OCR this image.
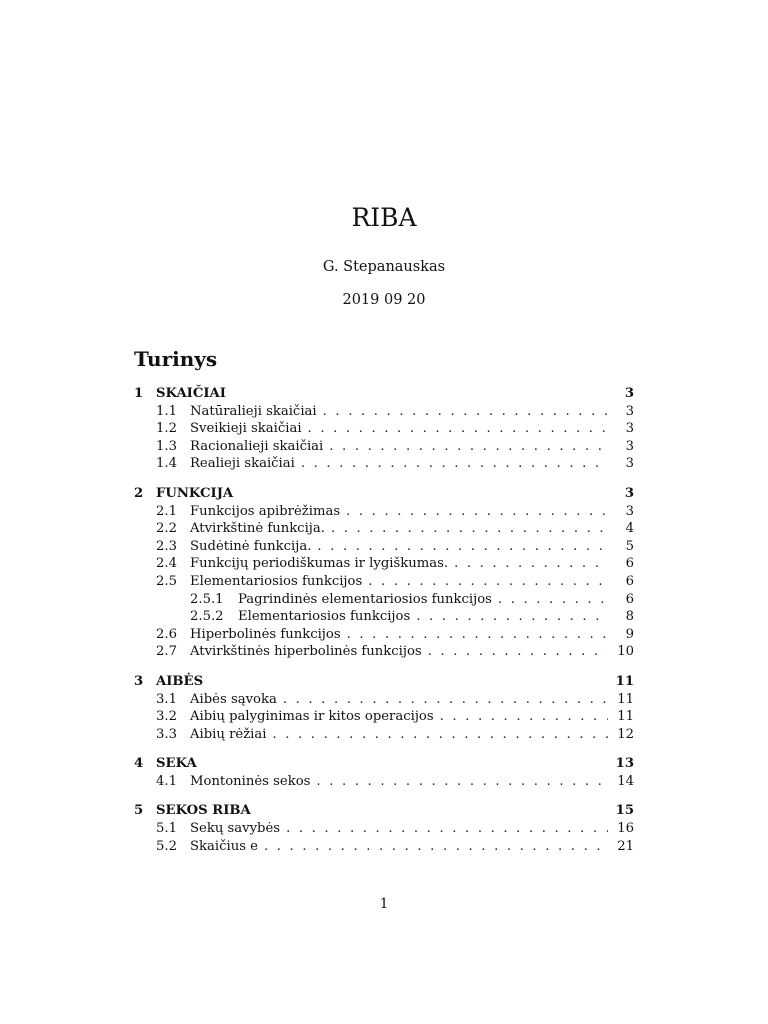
RIBA
G. Stepanauskas
2019 09 20
Turinys
1 SKAIČIAI	3
1.1 Natūralieji skaičiai . . .	3
1.2 Sveikieji skaičiai . . .	3
1.3 Racionalieji skaičiai . . .	3
1.4 Realieji skaičiai . . .	3
2 FUNKCIJA	3
2.1 Funkcijos apibrėžimas . . .	3
2.2 Atvirkštinė funkcija. . . .	4
2.3 Sudėtinė funkcija. . . .	5
2.4 Funkcijų periodiškumas ir lygiškumas. . . .	6
2.5 Elementariosios funkcijos . . .	6
2.5.1	Pagrindinės elementariosios funkcijos . . .	6
2.5.2	Elementariosios funkcijos . . .	8
2.6 Hiperbolinės funkcijos . . .	9
2.7 Atvirkštinės hiperbolinės funkcijos . . .	10
3 AIBĖS	11
3.1 Aibės sąvoka . . .	11
3.2 Aibių palyginimas ir kitos operacijos . . .	11
3.3 Aibių rėžiai . . .	12
4 SEKA	13
4.1 Montoninės sekos . . .	14
5 SEKOS RIBA	15
5.1 Sekų savybės . . .	16
5.2 Skaičius e . . .	21
1
